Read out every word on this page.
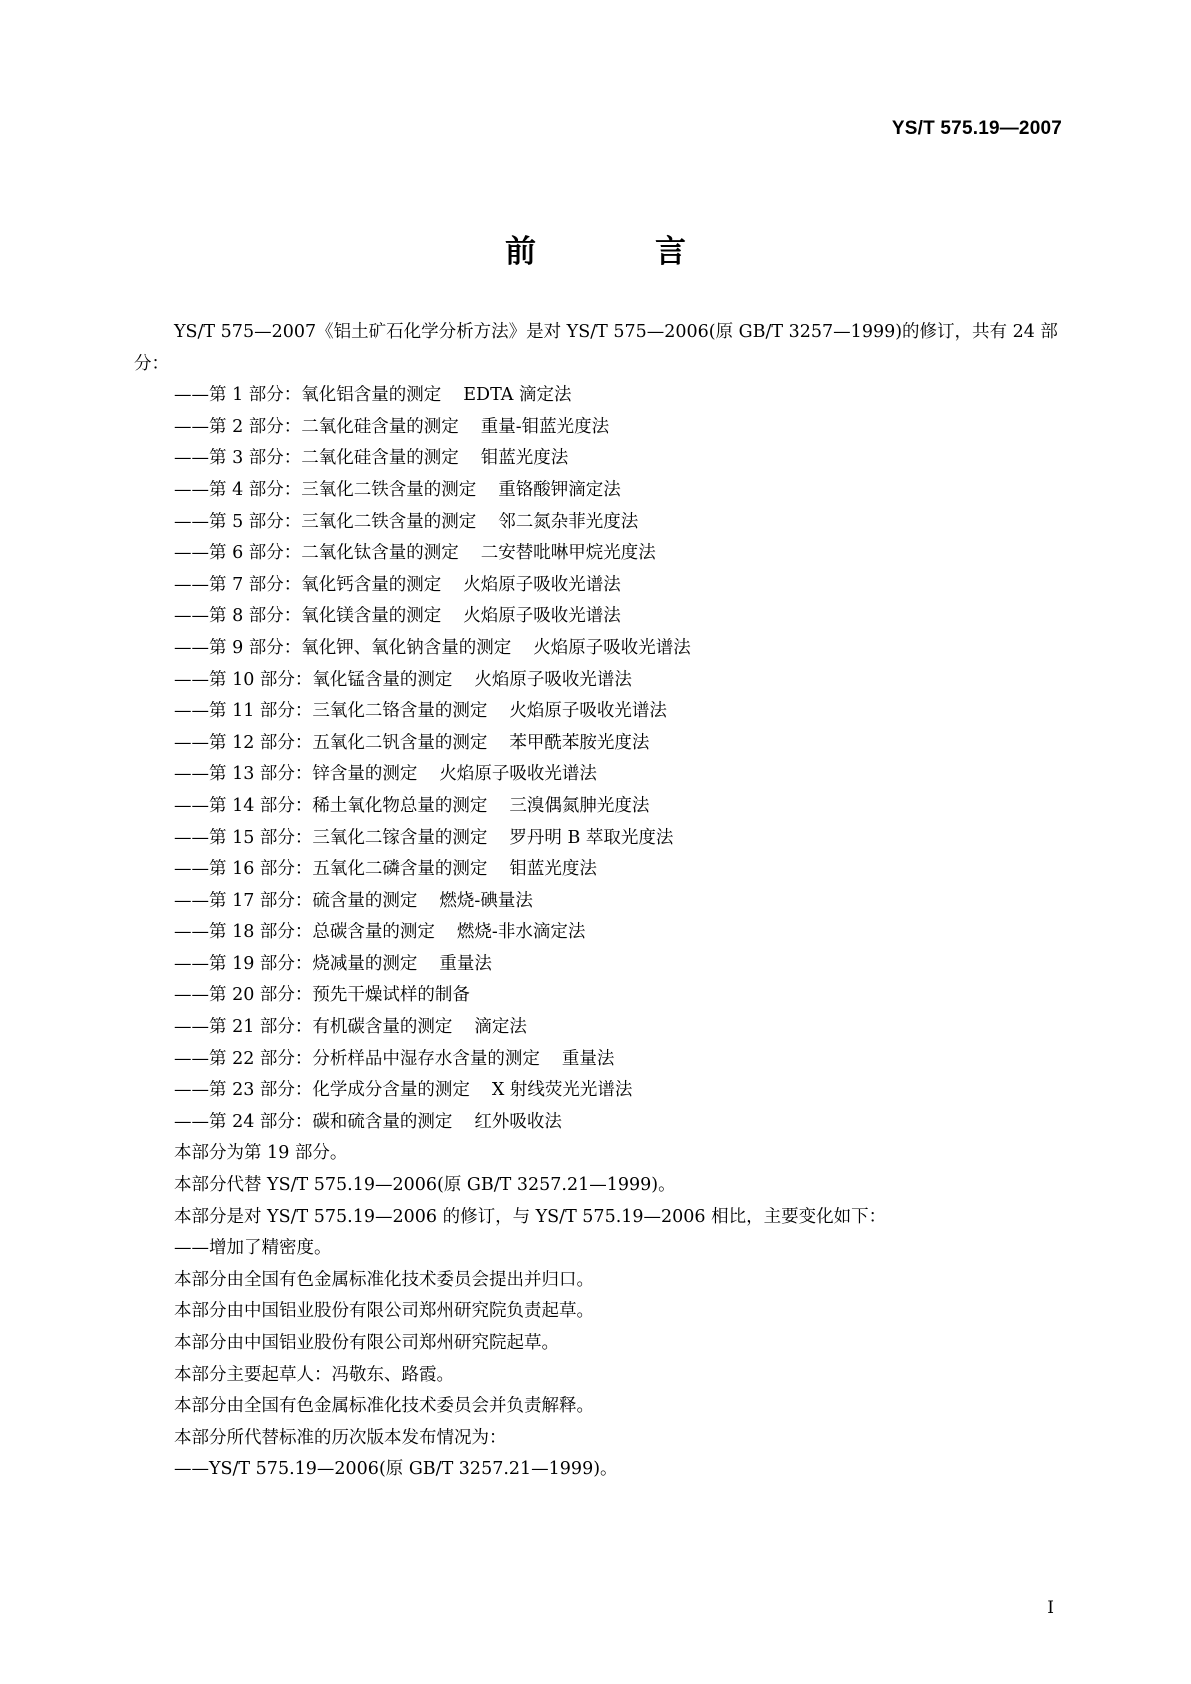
YS/T 575.19—2007
前　言

YS/T 575—2007《铝土矿石化学分析方法》是对 YS/T 575—2006(原 GB/T 3257—1999)的修订，共有 24 部分：

——第 1 部分：氧化铝含量的测定 EDTA 滴定法
——第 2 部分：二氧化硅含量的测定 重量-钼蓝光度法
——第 3 部分：二氧化硅含量的测定 钼蓝光度法
——第 4 部分：三氧化二铁含量的测定 重铬酸钾滴定法
——第 5 部分：三氧化二铁含量的测定 邻二氮杂菲光度法
——第 6 部分：二氧化钛含量的测定 二安替吡啉甲烷光度法
——第 7 部分：氧化钙含量的测定 火焰原子吸收光谱法
——第 8 部分：氧化镁含量的测定 火焰原子吸收光谱法
——第 9 部分：氧化钾、氧化钠含量的测定 火焰原子吸收光谱法
——第 10 部分：氧化锰含量的测定 火焰原子吸收光谱法
——第 11 部分：三氧化二铬含量的测定 火焰原子吸收光谱法
——第 12 部分：五氧化二钒含量的测定 苯甲酰苯胺光度法
——第 13 部分：锌含量的测定 火焰原子吸收光谱法
——第 14 部分：稀土氧化物总量的测定 三溴偶氮胂光度法
——第 15 部分：三氧化二镓含量的测定 罗丹明 B 萃取光度法
——第 16 部分：五氧化二磷含量的测定 钼蓝光度法
——第 17 部分：硫含量的测定 燃烧-碘量法
——第 18 部分：总碳含量的测定 燃烧-非水滴定法
——第 19 部分：烧减量的测定 重量法
——第 20 部分：预先干燥试样的制备
——第 21 部分：有机碳含量的测定 滴定法
——第 22 部分：分析样品中湿存水含量的测定 重量法
——第 23 部分：化学成分含量的测定 X 射线荧光光谱法
——第 24 部分：碳和硫含量的测定 红外吸收法

本部分为第 19 部分。

本部分代替 YS/T 575.19—2006(原 GB/T 3257.21—1999)。

本部分是对 YS/T 575.19—2006 的修订，与 YS/T 575.19—2006 相比，主要变化如下：

——增加了精密度。

本部分由全国有色金属标准化技术委员会提出并归口。

本部分由中国铝业股份有限公司郑州研究院负责起草。

本部分由中国铝业股份有限公司郑州研究院起草。

本部分主要起草人：冯敬东、路霞。

本部分由全国有色金属标准化技术委员会并负责解释。

本部分所代替标准的历次版本发布情况为：

——YS/T 575.19—2006(原 GB/T 3257.21—1999)。

I
